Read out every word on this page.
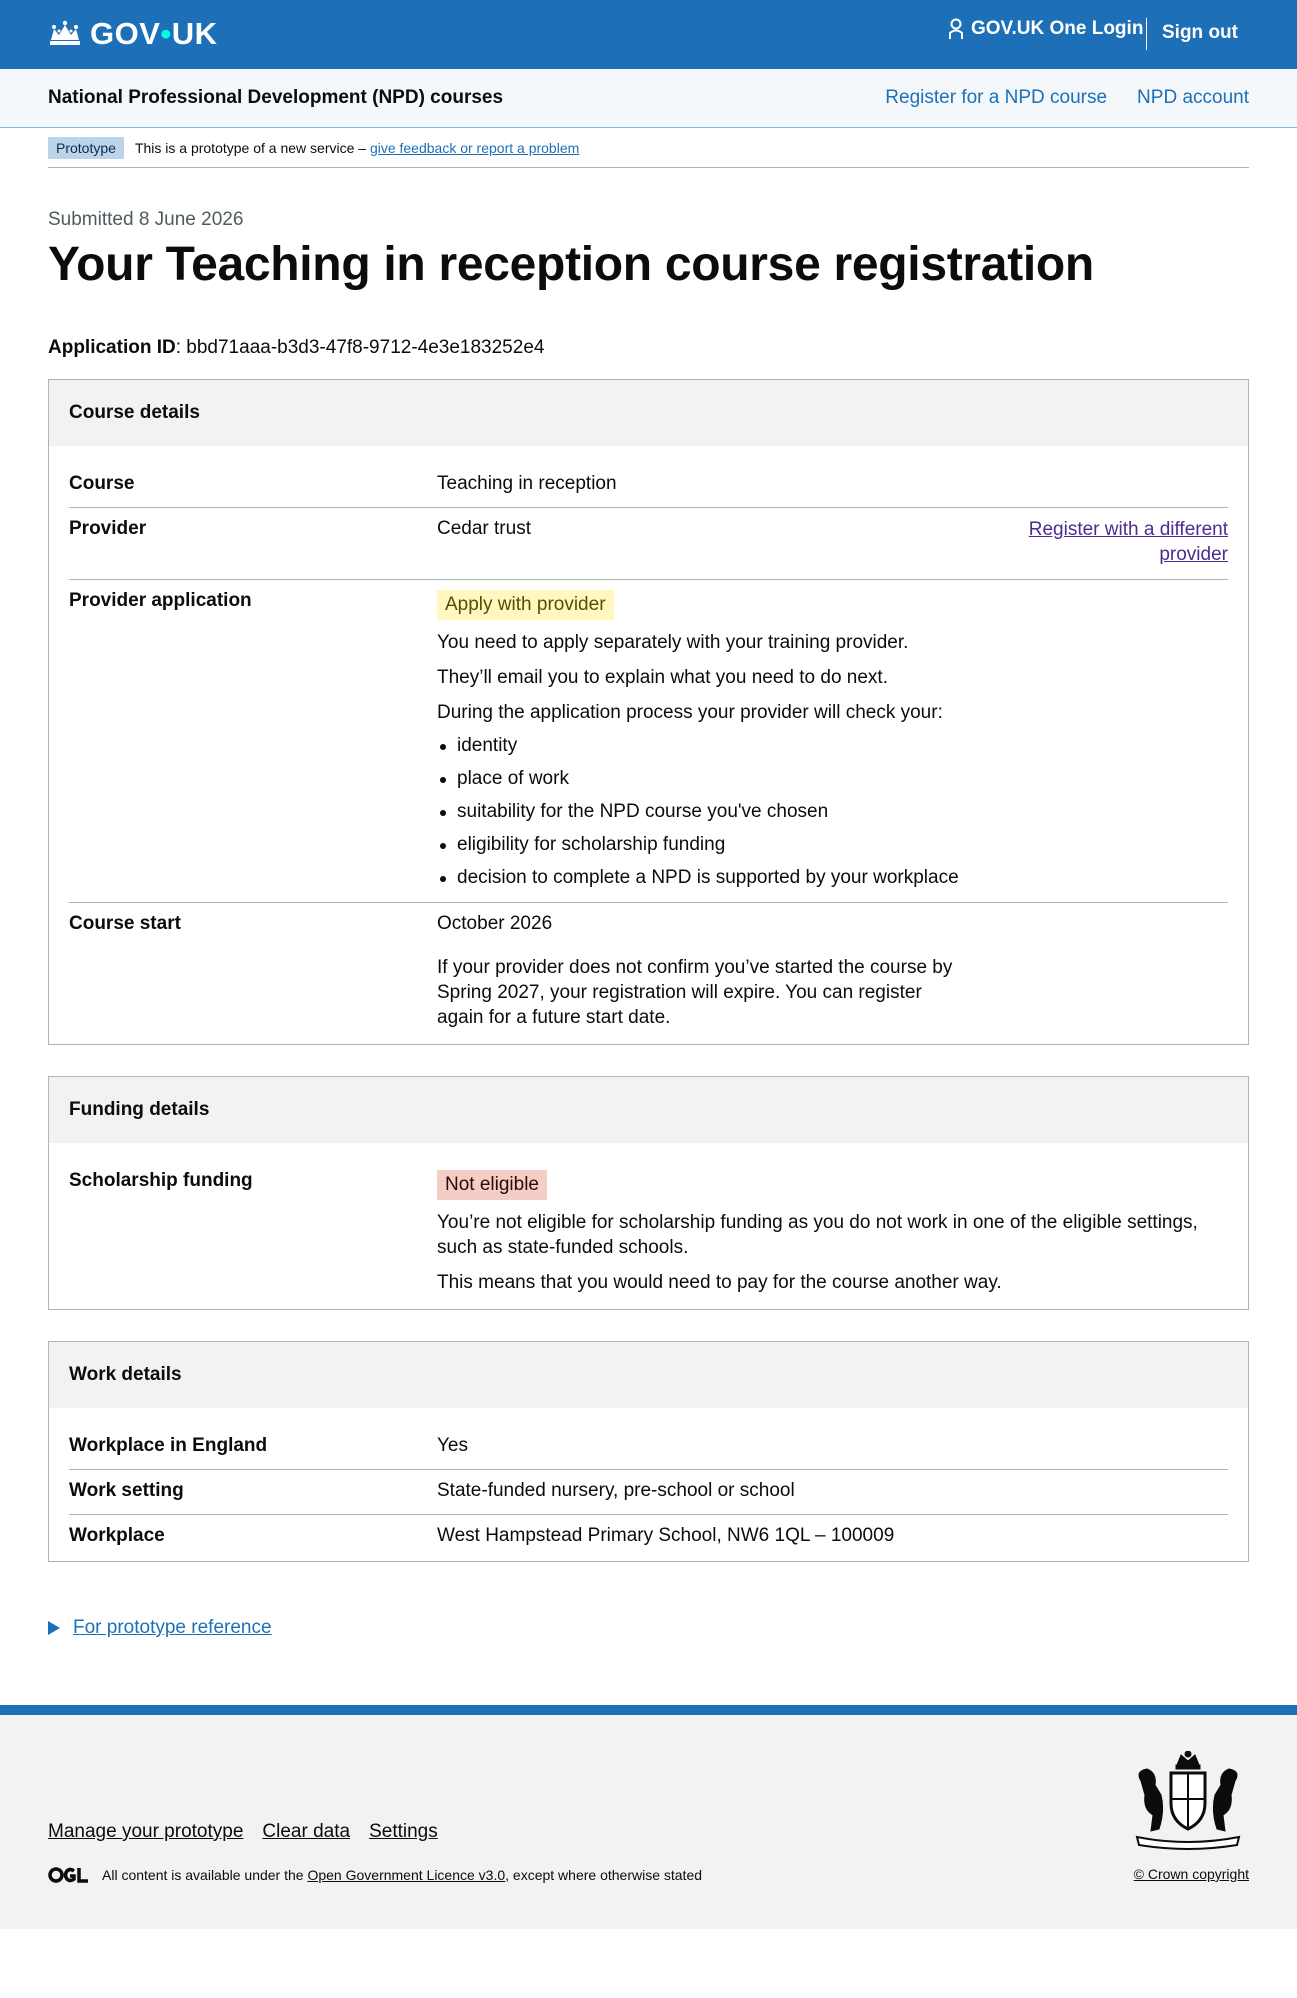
GOV•UK	GOV.UK One Login Sign out
National Professional Development (NPD) courses	Register for a NPD course NPD account
Prototype	This is a prototype of a new service – give feedback or report a problem
Submitted 8 June 2026
Your Teaching in reception course registration
Application ID: bbd71aaa-b3d3-47f8-9712-4e3e183252e4
Course details
Course	Teaching in reception
Provider	Cedar trust	Register with a different provider
Provider application	Apply with provider

You need to apply separately with your training provider.

They’ll email you to explain what you need to do next.

During the application process your provider will check your:

identity
place of work
suitability for the NPD course you've chosen
eligibility for scholarship funding
decision to complete a NPD is supported by your workplace
Course start	October 2026

If your provider does not confirm you’ve started the course by Spring 2027, your registration will expire. You can register again for a future start date.

Funding details
Scholarship funding	Not eligible

You’re not eligible for scholarship funding as you do not work in one of the eligible settings, such as state-funded schools.

This means that you would need to pay for the course another way.

Work details
Workplace in England	Yes
Work setting	State-funded nursery, pre-school or school
Workplace	West Hampstead Primary School, NW6 1QL – 100009
For prototype reference
Manage your prototype Clear data Settings
All content is available under the
Open Government Licence v3.0 , except where otherwise stated	© Crown copyright
